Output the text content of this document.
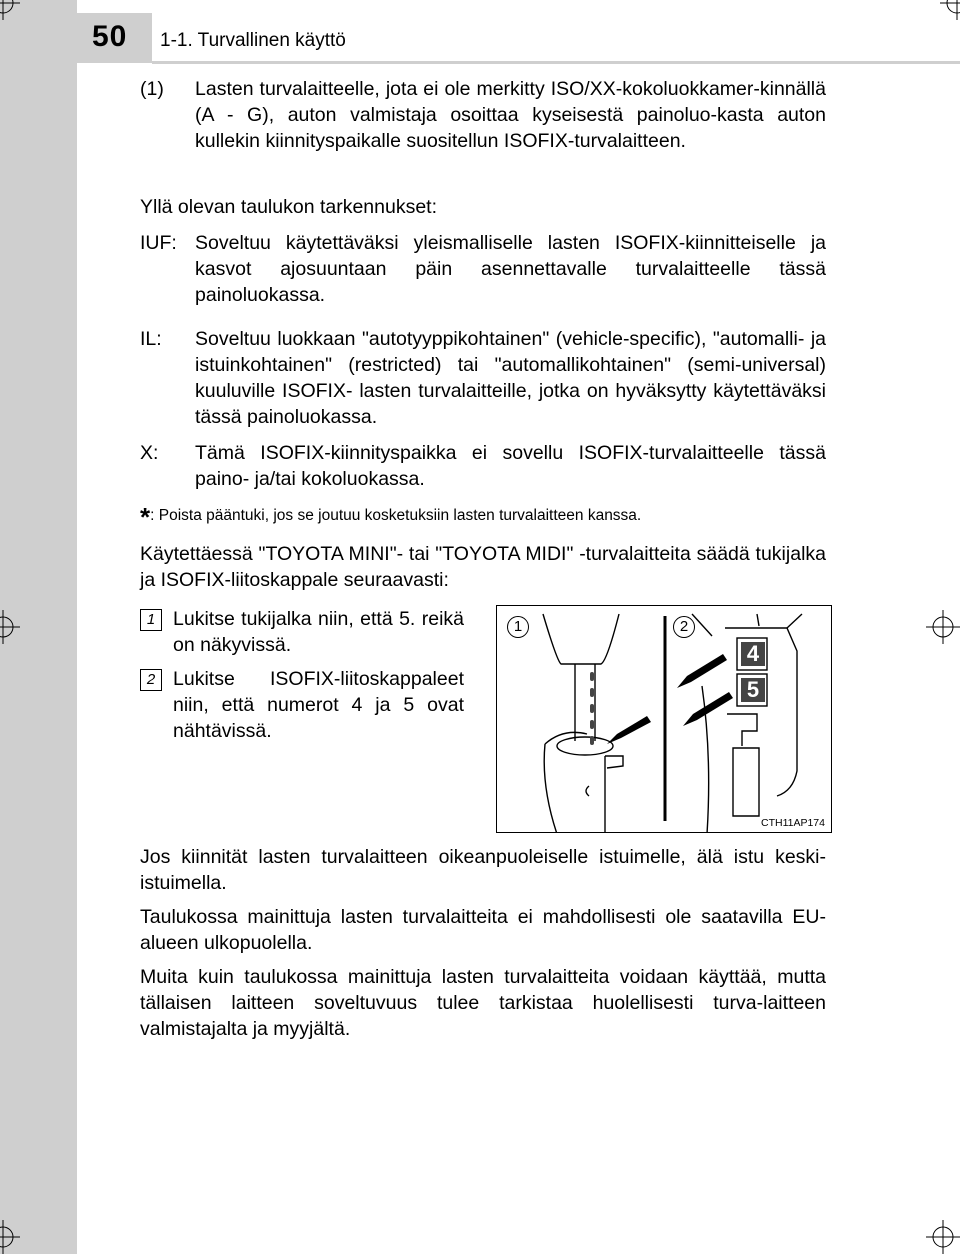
50 1-1. Turvallinen käyttö
(1) Lasten turvalaitteelle, jota ei ole merkitty ISO/XX-kokoluokkamer-kinnällä (A - G), auton valmistaja osoittaa kyseisestä painoluo-kasta auton kullekin kiinnityspaikalle suositellun ISOFIX-turvalaitteen.
Yllä olevan taulukon tarkennukset:
IUF: Soveltuu käytettäväksi yleismalliselle lasten ISOFIX-kiinnitteiselle ja kasvot ajosuuntaan päin asennettavalle turvalaitteelle tässä painoluokassa.
IL: Soveltuu luokkaan "autotyyppikohtainen" (vehicle-specific), "automalli- ja istuinkohtainen" (restricted) tai "automallikohtainen" (semi-universal) kuuluville ISOFIX- lasten turvalaitteille, jotka on hyväksytty käytettäväksi tässä painoluokassa.
X: Tämä ISOFIX-kiinnityspaikka ei sovellu ISOFIX-turvalaitteelle tässä paino- ja/tai kokoluokassa.
*: Poista pääntuki, jos se joutuu kosketuksiin lasten turvalaitteen kanssa.
Käytettäessä "TOYOTA MINI"- tai "TOYOTA MIDI" -turvalaitteita säädä tukijalka ja ISOFIX-liitoskappale seuraavasti:
1 Lukitse tukijalka niin, että 5. reikä on näkyvissä.
2 Lukitse ISOFIX-liitoskappaleet niin, että numerot 4 ja 5 ovat nähtävissä.
1	2
4
5
CTH11AP174
Jos kiinnität lasten turvalaitteen oikeanpuoleiselle istuimelle, älä istu keski-istuimella.
Taulukossa mainittuja lasten turvalaitteita ei mahdollisesti ole saatavilla EU-alueen ulkopuolella.
Muita kuin taulukossa mainittuja lasten turvalaitteita voidaan käyttää, mutta tällaisen laitteen soveltuvuus tulee tarkistaa huolellisesti turva-laitteen valmistajalta ja myyjältä.
